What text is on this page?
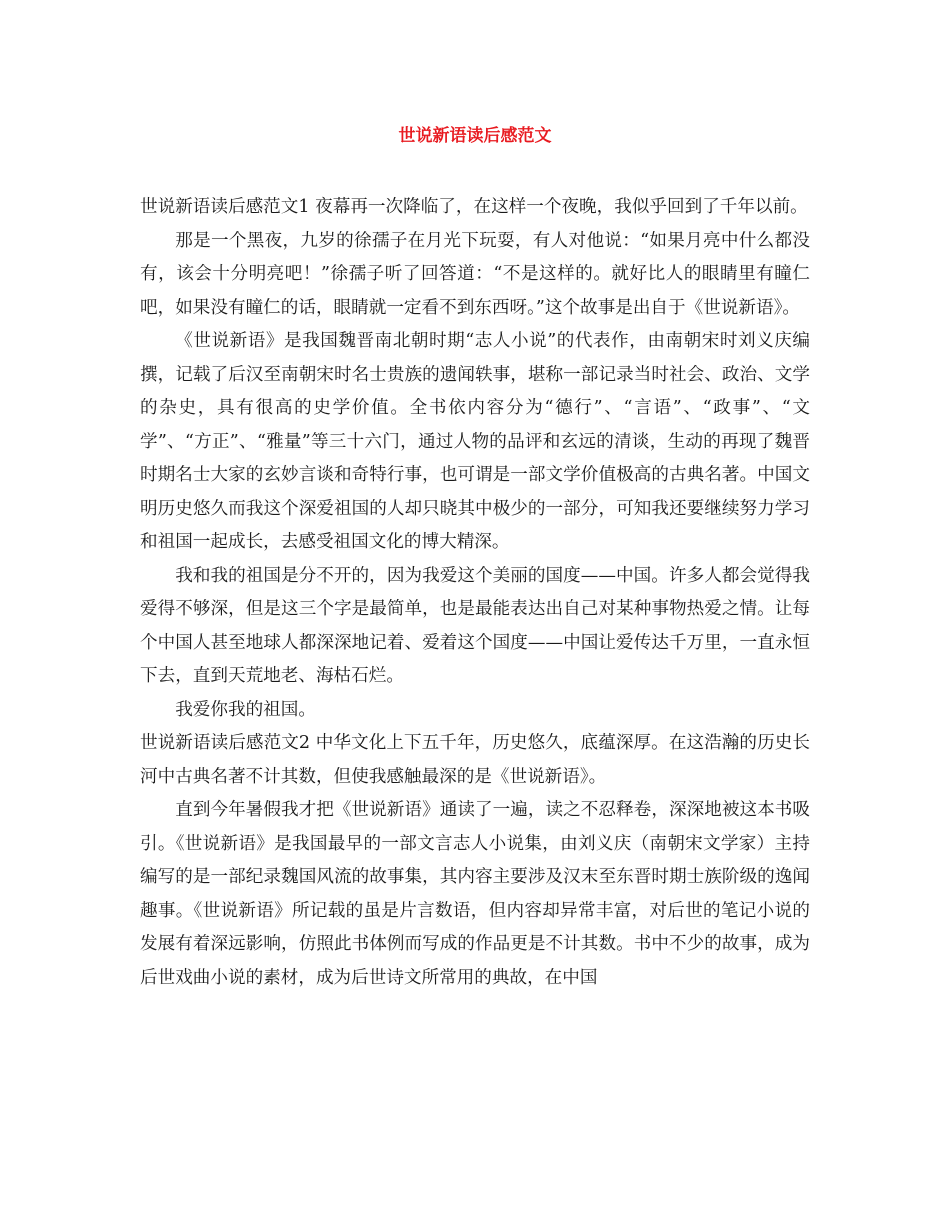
世说新语读后感范文

世说新语读后感范文1 夜幕再一次降临了，在这样一个夜晚，我似乎回到了千年以前。

那是一个黑夜，九岁的徐孺子在月光下玩耍，有人对他说：“如果月亮中什么都没有，该会十分明亮吧！”徐孺子听了回答道：“不是这样的。就好比人的眼睛里有瞳仁吧，如果没有瞳仁的话，眼睛就一定看不到东西呀。”这个故事是出自于《世说新语》。

《世说新语》是我国魏晋南北朝时期“志人小说”的代表作，由南朝宋时刘义庆编撰，记载了后汉至南朝宋时名士贵族的遗闻轶事，堪称一部记录当时社会、政治、文学的杂史，具有很高的史学价值。全书依内容分为“德行”、“言语”、“政事”、“文学”、“方正”、“雅量”等三十六门，通过人物的品评和玄远的清谈，生动的再现了魏晋时期名士大家的玄妙言谈和奇特行事，也可谓是一部文学价值极高的古典名著。中国文明历史悠久而我这个深爱祖国的人却只晓其中极少的一部分，可知我还要继续努力学习和祖国一起成长，去感受祖国文化的博大精深。

我和我的祖国是分不开的，因为我爱这个美丽的国度——中国。许多人都会觉得我爱得不够深，但是这三个字是最简单，也是最能表达出自己对某种事物热爱之情。让每个中国人甚至地球人都深深地记着、爱着这个国度——中国让爱传达千万里，一直永恒下去，直到天荒地老、海枯石烂。

我爱你我的祖国。

世说新语读后感范文2 中华文化上下五千年，历史悠久，底蕴深厚。在这浩瀚的历史长河中古典名著不计其数，但使我感触最深的是《世说新语》。

直到今年暑假我才把《世说新语》通读了一遍，读之不忍释卷，深深地被这本书吸引。《世说新语》是我国最早的一部文言志人小说集，由刘义庆（南朝宋文学家）主持编写的是一部纪录魏国风流的故事集，其内容主要涉及汉末至东晋时期士族阶级的逸闻趣事。《世说新语》所记载的虽是片言数语，但内容却异常丰富，对后世的笔记小说的发展有着深远影响，仿照此书体例而写成的作品更是不计其数。书中不少的故事，成为后世戏曲小说的素材，成为后世诗文所常用的典故，在中国
